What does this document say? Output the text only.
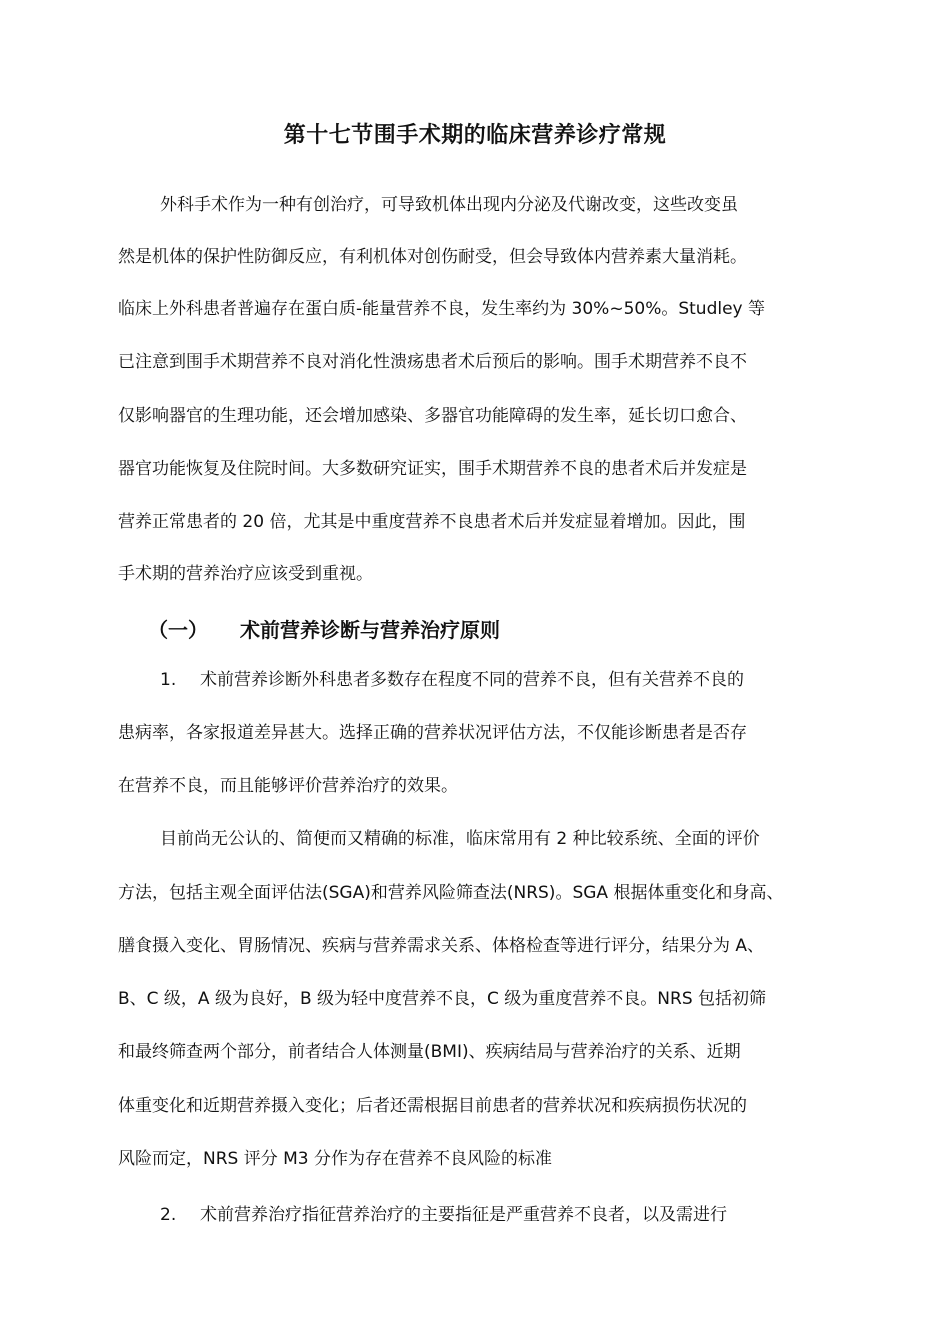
第十七节围手术期的临床营养诊疗常规
外科手术作为一种有创治疗，可导致机体出现内分泌及代谢改变，这些改变虽
然是机体的保护性防御反应，有利机体对创伤耐受，但会导致体内营养素大量消耗。
临床上外科患者普遍存在蛋白质-能量营养不良，发生率约为 30%~50%。Studley 等
已注意到围手术期营养不良对消化性溃疡患者术后预后的影响。围手术期营养不良不
仅影响器官的生理功能，还会增加感染、多器官功能障碍的发生率，延长切口愈合、
器官功能恢复及住院时间。大多数研究证实，围手术期营养不良的患者术后并发症是
营养正常患者的 20 倍，尤其是中重度营养不良患者术后并发症显着增加。因此，围
手术期的营养治疗应该受到重视。
（一） 术前营养诊断与营养治疗原则
1. 术前营养诊断外科患者多数存在程度不同的营养不良，但有关营养不良的
患病率，各家报道差异甚大。选择正确的营养状况评估方法，不仅能诊断患者是否存
在营养不良，而且能够评价营养治疗的效果。
目前尚无公认的、简便而又精确的标准，临床常用有 2 种比较系统、全面的评价
方法，包括主观全面评估法(SGA)和营养风险筛查法(NRS)。SGA 根据体重变化和身高、
膳食摄入变化、胃肠情况、疾病与营养需求关系、体格检查等进行评分，结果分为 A、
B、C 级，A 级为良好，B 级为轻中度营养不良，C 级为重度营养不良。NRS 包括初筛
和最终筛查两个部分，前者结合人体测量(BMI)、疾病结局与营养治疗的关系、近期
体重变化和近期营养摄入变化；后者还需根据目前患者的营养状况和疾病损伤状况的
风险而定，NRS 评分 M3 分作为存在营养不良风险的标准
2. 术前营养治疗指征营养治疗的主要指征是严重营养不良者，以及需进行
